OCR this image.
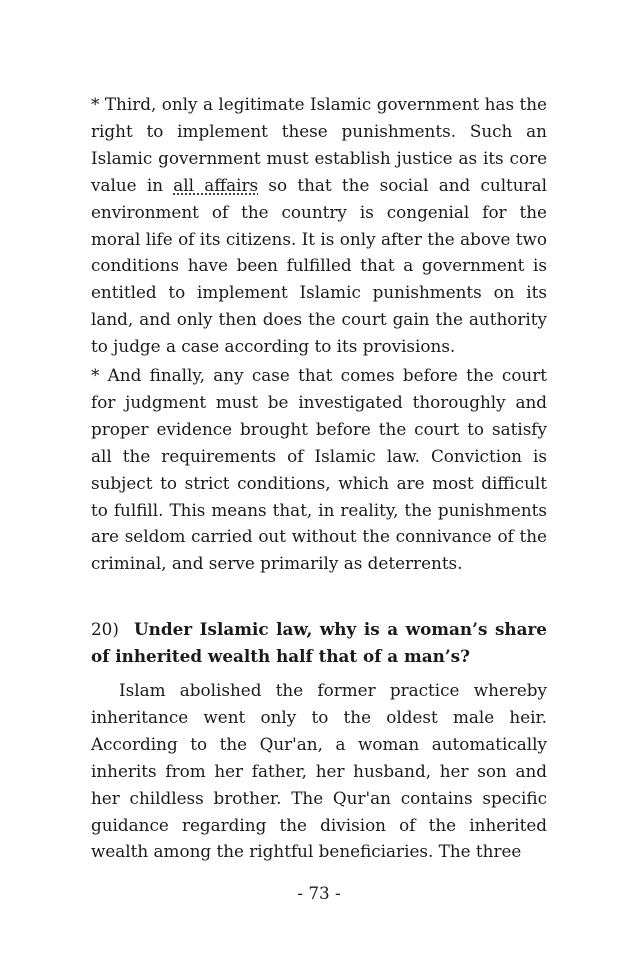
* Third, only a legitimate Islamic government has the right to implement these punishments. Such an Islamic government must establish justice as its core value in all affairs so that the social and cultural environment of the country is congenial for the moral life of its citizens. It is only after the above two conditions have been fulfilled that a government is entitled to implement Islamic punishments on its land, and only then does the court gain the authority to judge a case according to its provisions.

* And finally, any case that comes before the court for judgment must be investigated thoroughly and proper evidence brought before the court to satisfy all the requirements of Islamic law. Conviction is subject to strict conditions, which are most difficult to fulfill. This means that, in reality, the punishments are seldom carried out without the connivance of the criminal, and serve primarily as deterrents.

20) Under Islamic law, why is a woman’s share of inherited wealth half that of a man’s?

Islam abolished the former practice whereby inheritance went only to the oldest male heir. According to the Qur'an, a woman automatically inherits from her father, her husband, her son and her childless brother. The Qur'an contains specific guidance regarding the division of the inherited wealth among the rightful beneficiaries. The three

- 73 -
